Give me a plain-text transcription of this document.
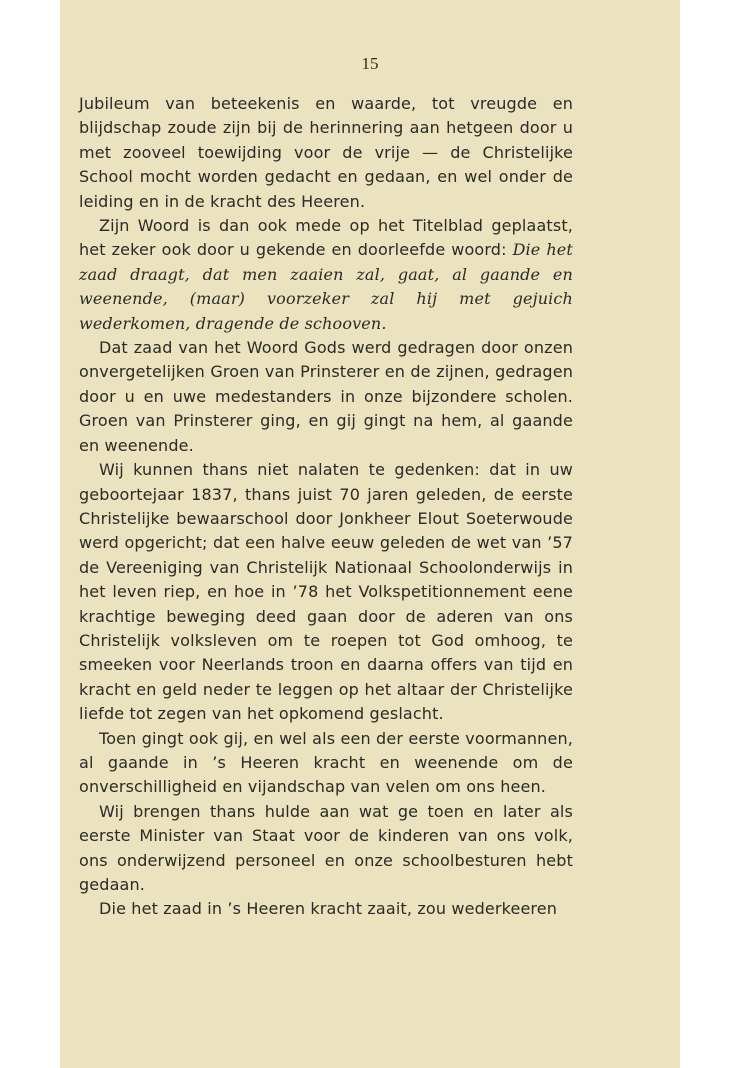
15

Jubileum van beteekenis en waarde, tot vreugde en blijdschap zoude zijn bij de herinnering aan hetgeen door u met zooveel toewijding voor de vrije — de Christelijke School mocht worden gedacht en gedaan, en wel onder de leiding en in de kracht des Heeren.

Zijn Woord is dan ook mede op het Titelblad geplaatst, het zeker ook door u gekende en doorleefde woord: Die het zaad draagt, dat men zaaien zal, gaat, al gaande en weenende, (maar) voorzeker zal hij met gejuich wederkomen, dragende de schooven.

Dat zaad van het Woord Gods werd gedragen door onzen onvergetelijken Groen van Prinsterer en de zijnen, gedragen door u en uwe medestanders in onze bijzondere scholen. Groen van Prinsterer ging, en gij gingt na hem, al gaande en weenende.

Wij kunnen thans niet nalaten te gedenken: dat in uw geboortejaar 1837, thans juist 70 jaren geleden, de eerste Christelijke bewaarschool door Jonkheer Elout Soeterwoude werd opgericht; dat een halve eeuw geleden de wet van ’57 de Vereeniging van Christelijk Nationaal Schoolonderwijs in het leven riep, en hoe in ’78 het Volkspetitionnement eene krachtige beweging deed gaan door de aderen van ons Christelijk volksleven om te roepen tot God omhoog, te smeeken voor Neerlands troon en daarna offers van tijd en kracht en geld neder te leggen op het altaar der Christelijke liefde tot zegen van het opkomend geslacht.

Toen gingt ook gij, en wel als een der eerste voormannen, al gaande in ’s Heeren kracht en weenende om de onverschilligheid en vijandschap van velen om ons heen.

Wij brengen thans hulde aan wat ge toen en later als eerste Minister van Staat voor de kinderen van ons volk, ons onderwijzend personeel en onze schoolbesturen hebt gedaan.

Die het zaad in ’s Heeren kracht zaait, zou wederkeeren
